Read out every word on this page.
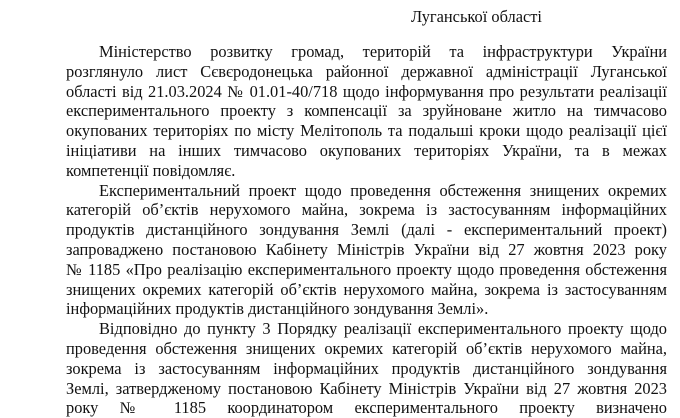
Луганської області
Міністерство розвитку громад, територій та інфраструктури України
розглянуло лист Сєвєродонецька районної державної адміністрації Луганської
області від 21.03.2024 № 01.01-40/718 щодо інформування про результати реалізації
експериментального проекту з компенсації за зруйноване житло на тимчасово
окупованих територіях по місту Мелітополь та подальші кроки щодо реалізації цієї
ініціативи на інших тимчасово окупованих територіях України, та в межах
компетенції повідомляє.
Експериментальний проект щодо проведення обстеження знищених окремих
категорій об’єктів нерухомого майна, зокрема із застосуванням інформаційних
продуктів дистанційного зондування Землі (далі - експериментальний проект)
запроваджено постановою Кабінету Міністрів України від 27 жовтня 2023 року
№ 1185 «Про реалізацію експериментального проекту щодо проведення обстеження
знищених окремих категорій об’єктів нерухомого майна, зокрема із застосуванням
інформаційних продуктів дистанційного зондування Землі».
Відповідно до пункту 3 Порядку реалізації експериментального проекту щодо
проведення обстеження знищених окремих категорій об’єктів нерухомого майна,
зокрема із застосуванням інформаційних продуктів дистанційного зондування
Землі, затвердженому постановою Кабінету Міністрів України від 27 жовтня 2023
року № 1185 координатором експериментального проекту визначено
